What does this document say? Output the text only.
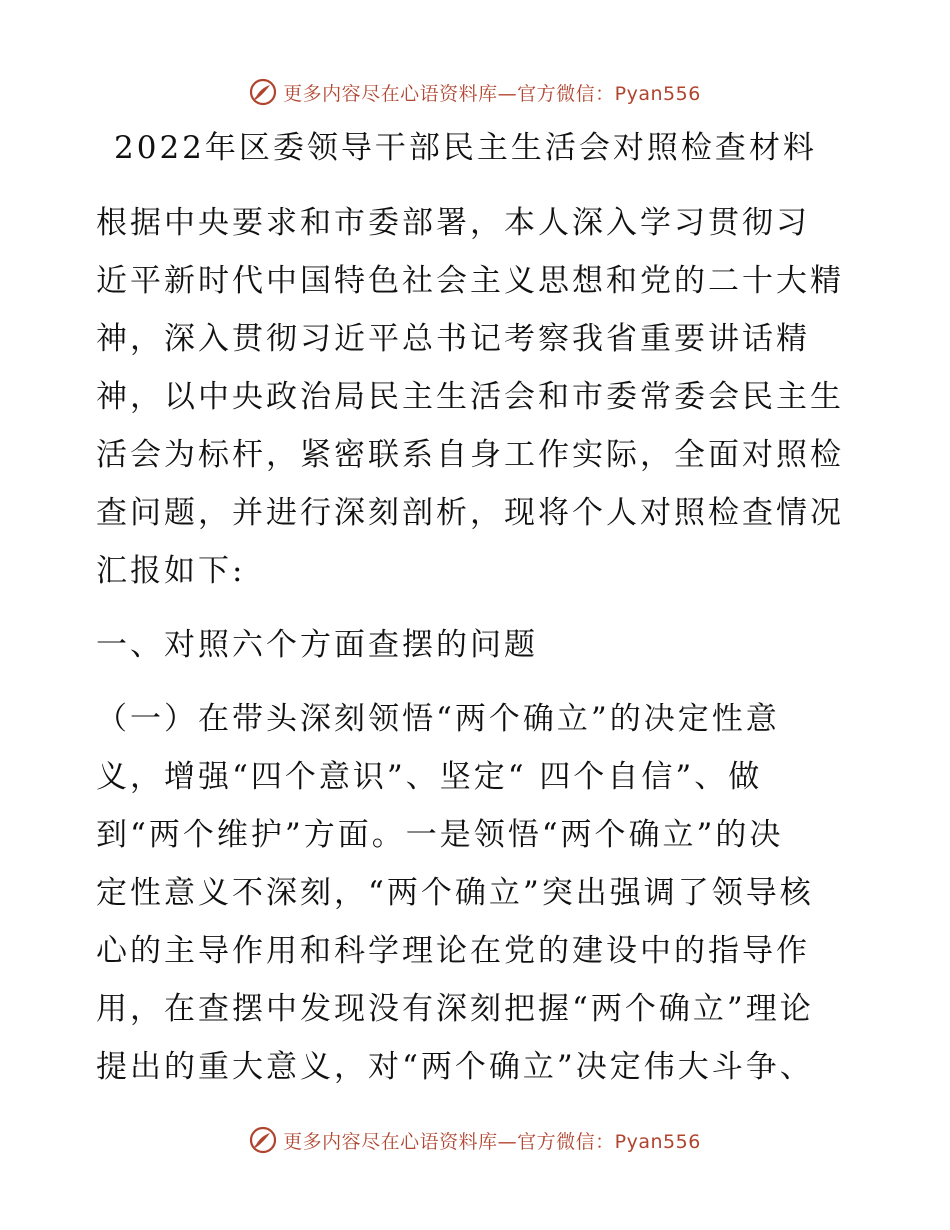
更多内容尽在心语资料库—官方微信：Pyan556
2022年区委领导干部民主生活会对照检查材料
根据中央要求和市委部署，本人深入学习贯彻习
近平新时代中国特色社会主义思想和党的二十大精
神，深入贯彻习近平总书记考察我省重要讲话精
神，以中央政治局民主生活会和市委常委会民主生
活会为标杆，紧密联系自身工作实际，全面对照检
查问题，并进行深刻剖析，现将个人对照检查情况
汇报如下:
一、对照六个方面查摆的问题
（一）在带头深刻领悟“两个确立”的决定性意
义，增强“四个意识”、坚定“ 四个自信”、做
到“两个维护”方面。一是领悟“两个确立”的决
定性意义不深刻，“两个确立”突出强调了领导核
心的主导作用和科学理论在党的建设中的指导作
用，在查摆中发现没有深刻把握“两个确立”理论
提出的重大意义，对“两个确立”决定伟大斗争、
更多内容尽在心语资料库—官方微信：Pyan556
